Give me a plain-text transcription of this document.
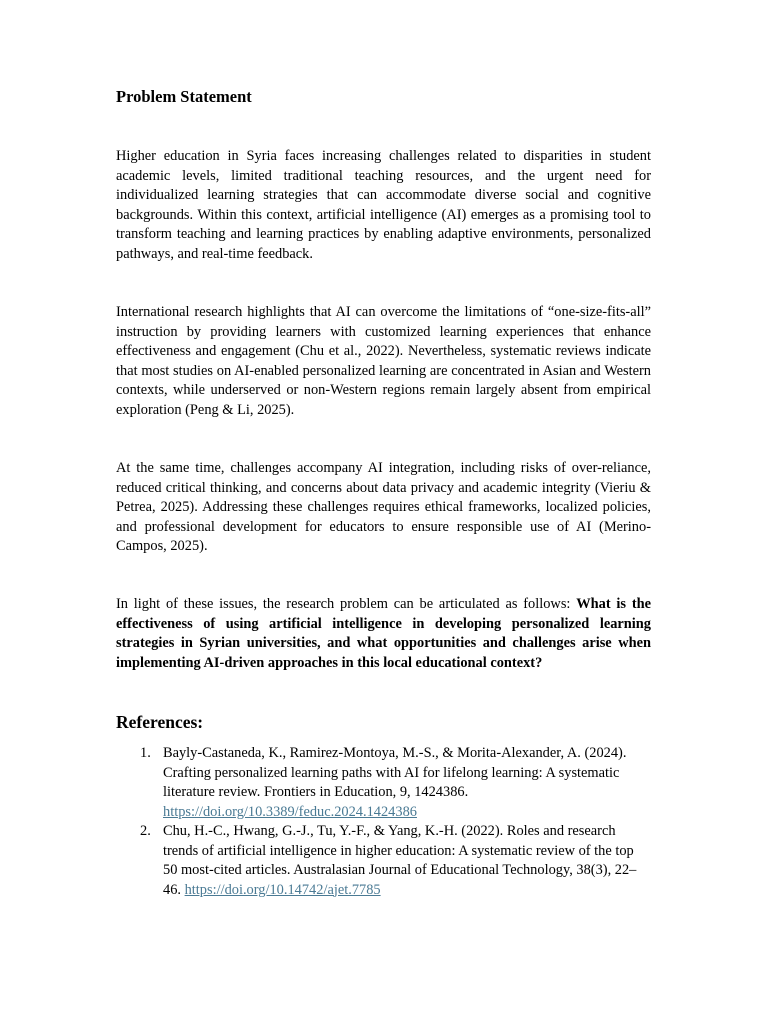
Problem Statement

Higher education in Syria faces increasing challenges related to disparities in student academic levels, limited traditional teaching resources, and the urgent need for individualized learning strategies that can accommodate diverse social and cognitive backgrounds. Within this context, artificial intelligence (AI) emerges as a promising tool to transform teaching and learning practices by enabling adaptive environments, personalized pathways, and real-time feedback.

International research highlights that AI can overcome the limitations of “one-size-fits-all” instruction by providing learners with customized learning experiences that enhance effectiveness and engagement (Chu et al., 2022). Nevertheless, systematic reviews indicate that most studies on AI-enabled personalized learning are concentrated in Asian and Western contexts, while underserved or non-Western regions remain largely absent from empirical exploration (Peng & Li, 2025).

At the same time, challenges accompany AI integration, including risks of over-reliance, reduced critical thinking, and concerns about data privacy and academic integrity (Vieriu & Petrea, 2025). Addressing these challenges requires ethical frameworks, localized policies, and professional development for educators to ensure responsible use of AI (Merino-Campos, 2025).

In light of these issues, the research problem can be articulated as follows: What is the effectiveness of using artificial intelligence in developing personalized learning strategies in Syrian universities, and what opportunities and challenges arise when implementing AI-driven approaches in this local educational context?

References:
1. Bayly-Castaneda, K., Ramirez-Montoya, M.-S., & Morita-Alexander, A. (2024). Crafting personalized learning paths with AI for lifelong learning: A systematic literature review. Frontiers in Education, 9, 1424386. https://doi.org/10.3389/feduc.2024.1424386
2. Chu, H.-C., Hwang, G.-J., Tu, Y.-F., & Yang, K.-H. (2022). Roles and research trends of artificial intelligence in higher education: A systematic review of the top 50 most-cited articles. Australasian Journal of Educational Technology, 38(3), 22–46. https://doi.org/10.14742/ajet.7785
